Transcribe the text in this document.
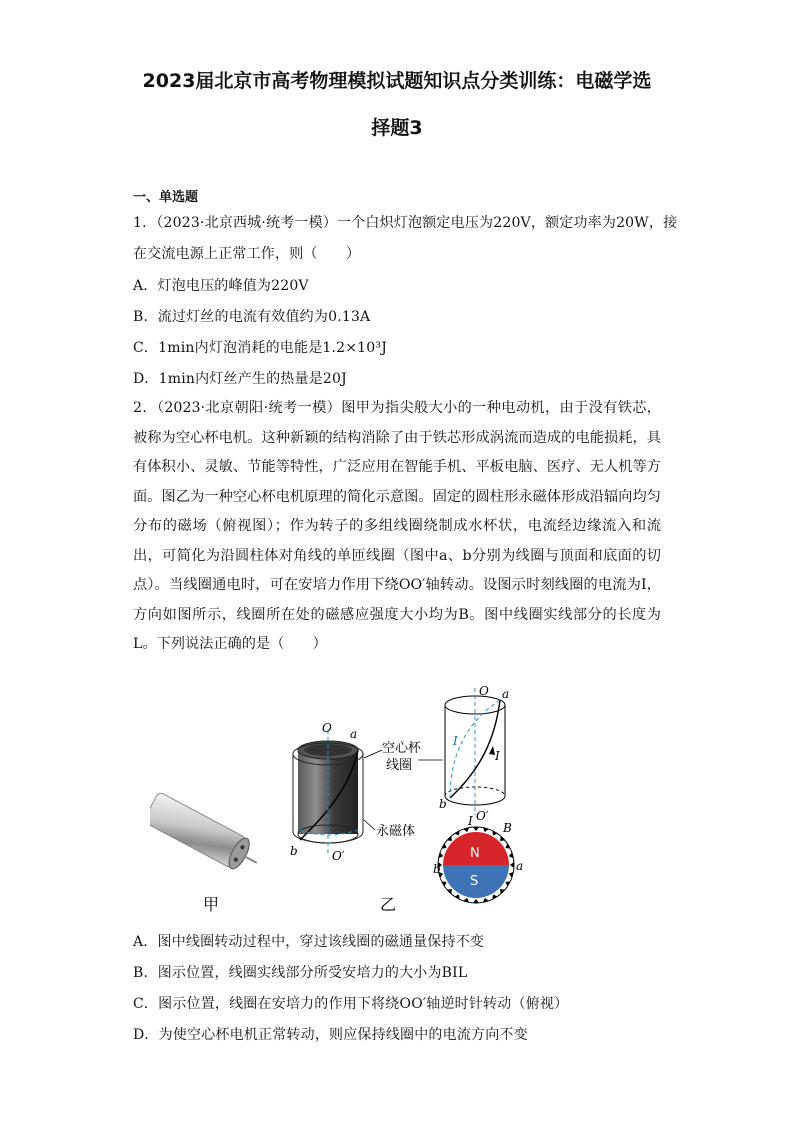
2023届北京市高考物理模拟试题知识点分类训练：电磁学选
择题3
一、单选题
1．（2023·北京西城·统考一模）一个白炽灯泡额定电压为220V，额定功率为20W，接
在交流电源上正常工作，则（　　）
A．灯泡电压的峰值为220V
B．流过灯丝的电流有效值约为0.13A
C．1min内灯泡消耗的电能是1.2×10³J
D．1min内灯丝产生的热量是20J
2．（2023·北京朝阳·统考一模）图甲为指尖般大小的一种电动机，由于没有铁芯，被称为空心杯电机。这种新颖的结构消除了由于铁芯形成涡流而造成的电能损耗，具有体积小、灵敏、节能等特性，广泛应用在智能手机、平板电脑、医疗、无人机等方面。图乙为一种空心杯电机原理的简化示意图。固定的圆柱形永磁体形成沿辐向均匀分布的磁场（俯视图）；作为转子的多组线圈绕制成水杯状，电流经边缘流入和流出，可简化为沿圆柱体对角线的单匝线圈（图中a、b分别为线圈与顶面和底面的切点）。当线圈通电时，可在安培力作用下绕OO′轴转动。设图示时刻线圈的电流为I，方向如图所示，线圈所在处的磁感应强度大小均为B。图中线圈实线部分的长度为L。下列说法正确的是（　　）
甲
O a
b	O′
空心杯
线圈
永磁体
O a
I
I
b
O′
N
S
I	B
b	a
乙
A．图中线圈转动过程中，穿过该线圈的磁通量保持不变
B．图示位置，线圈实线部分所受安培力的大小为BIL
C．图示位置，线圈在安培力的作用下将绕OO′轴逆时针转动（俯视）
D．为使空心杯电机正常转动，则应保持线圈中的电流方向不变
